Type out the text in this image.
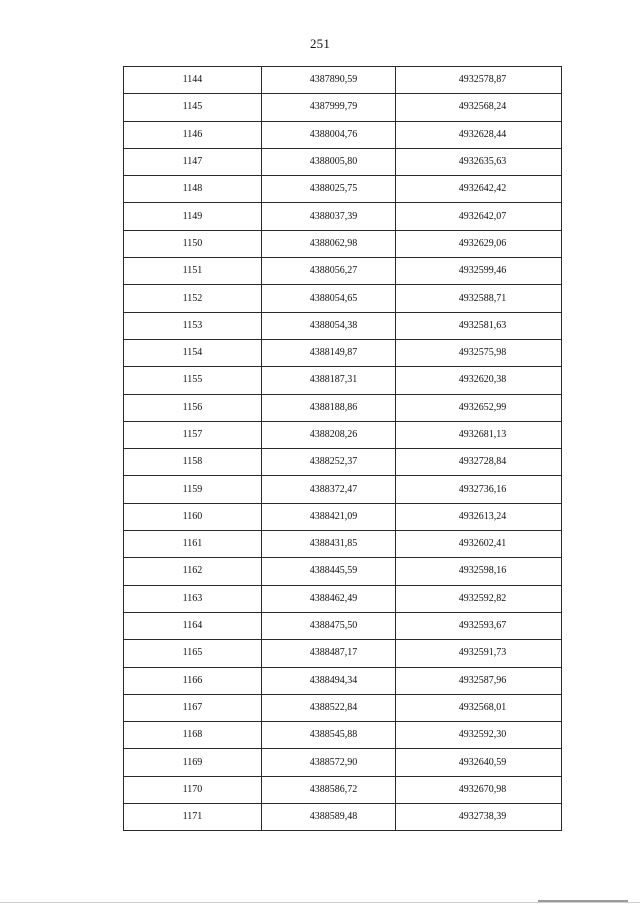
251
1144	4387890,59	4932578,87
1145	4387999,79	4932568,24
1146	4388004,76	4932628,44
1147	4388005,80	4932635,63
1148	4388025,75	4932642,42
1149	4388037,39	4932642,07
1150	4388062,98	4932629,06
1151	4388056,27	4932599,46
1152	4388054,65	4932588,71
1153	4388054,38	4932581,63
1154	4388149,87	4932575,98
1155	4388187,31	4932620,38
1156	4388188,86	4932652,99
1157	4388208,26	4932681,13
1158	4388252,37	4932728,84
1159	4388372,47	4932736,16
1160	4388421,09	4932613,24
1161	4388431,85	4932602,41
1162	4388445,59	4932598,16
1163	4388462,49	4932592,82
1164	4388475,50	4932593,67
1165	4388487,17	4932591,73
1166	4388494,34	4932587,96
1167	4388522,84	4932568,01
1168	4388545,88	4932592,30
1169	4388572,90	4932640,59
1170	4388586,72	4932670,98
1171	4388589,48	4932738,39
